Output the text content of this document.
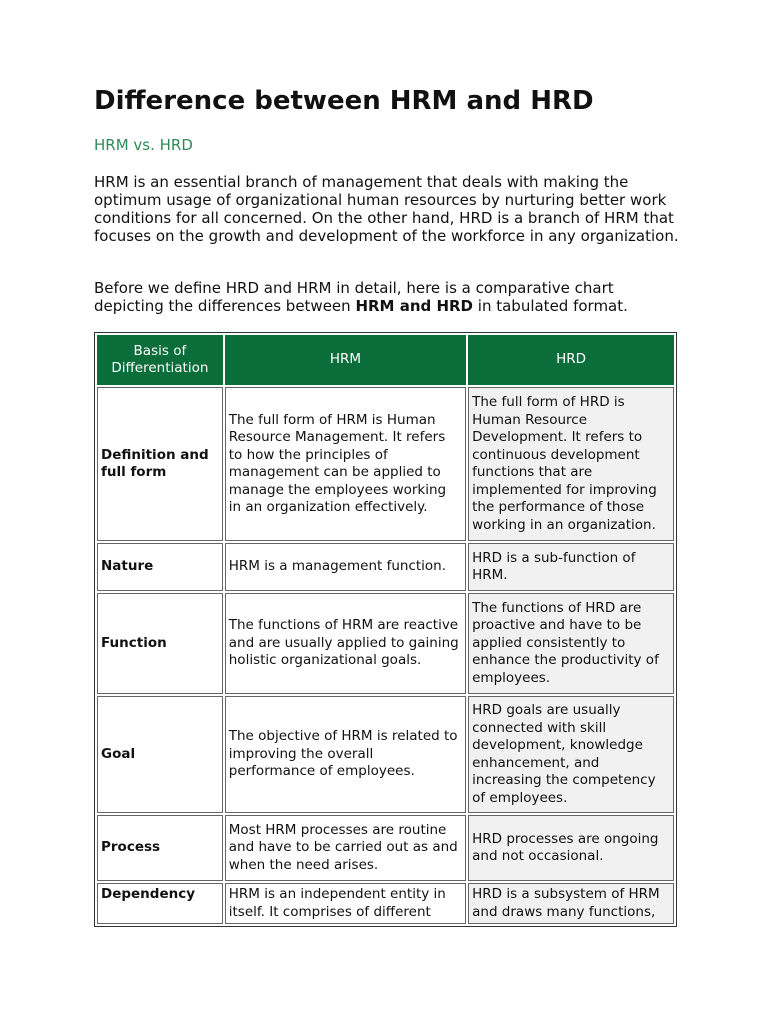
Difference between HRM and HRD
HRM vs. HRD

HRM is an essential branch of management that deals with making the optimum usage of organizational human resources by nurturing better work conditions for all concerned. On the other hand, HRD is a branch of HRM that focuses on the growth and development of the workforce in any organization.

Before we define HRD and HRM in detail, here is a comparative chart depicting the differences between HRM and HRD in tabulated format.

Basis of Differentiation	HRM	HRD
Definition and full form	The full form of HRM is Human Resource Management. It refers to how the principles of management can be applied to manage the employees working in an organization effectively.	The full form of HRD is Human Resource Development. It refers to continuous development functions that are implemented for improving the performance of those working in an organization.
Nature	HRM is a management function.	HRD is a sub-function of HRM.
Function	The functions of HRM are reactive and are usually applied to gaining holistic organizational goals.	The functions of HRD are proactive and have to be applied consistently to enhance the productivity of employees.
Goal	The objective of HRM is related to improving the overall performance of employees.	HRD goals are usually connected with skill development, knowledge enhancement, and increasing the competency of employees.
Process	Most HRM processes are routine and have to be carried out as and when the need arises.	HRD processes are ongoing and not occasional.

Dependency	HRM is an independent entity in itself. It comprises of different	HRD is a subsystem of HRM and draws many functions,
